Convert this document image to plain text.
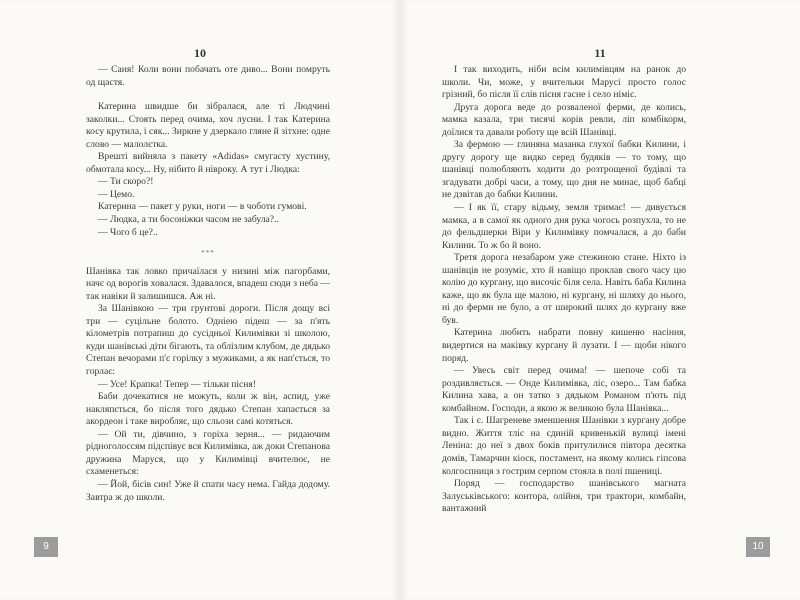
10

— Саня! Коли вони побачать оте диво... Вони помруть од щастя.

Катерина швидше би зібралася, але ті Людчині заколки... Стоять перед очима, хоч лусни. І так Катерина косу крутила, і сяк... Зиркне у дзеркало гляне й зітхне: одне слово — малолєтка.

Врешті вийняла з пакету «Adidas» смугасту хустину, обмотала косу... Ну, нібито й нівроку. А тут і Людка:

— Ти скоро?!

— Цемо.

Катерина — пакет у руки, ноги — в чоботи гумові.

— Людка, а ти босоніжки часом не забула?..

— Чого б це?..

***

Шанівка так ловко причаїлася у низині між пагорбами, начє од ворогів ховалася. Здавалося, впадеш сюди з неба — так навіки й залишишся. Аж ні.

За Шанівкою — три грунтові дороги. Після дощу всі три — суцільне болото. Одніею підеш — за п'ять кілометрів потрапиш до сусідньої Килимівки зі школою, куди шанівські діти бігають, та облізлим клубом, де дядько Степан вечорами п'є горілку з мужиками, а як нап'ється, то горлає:

— Усе! Крапка! Тепер — тільки пісня!

Баби дочекатися не можуть, коли ж він, аспид, уже накляпється, бо після того дядько Степан хапається за акордеон і таке виробляє, що сльози самі котяться.

— Ой ти, дівчино, з горіха зерня... — ридаючим рідноголоссям підспівує вся Килимівка, аж доки Степанова дружина Маруся, що у Килимівці вчителює, не схаменеться:

— Йой, бісів син! Уже й спати часу нема. Гайда додому. Завтра ж до школи.

9
11

І так виходить, ніби всім килимівцям на ранок до школи. Чи, може, у вчительки Марусі просто голос грізний, бо після її слів пісня гасне і село німіє.

Друга дорога веде до розваленої ферми, де колись, мамка казала, три тисячі корів ревли, ліп комбікорм, доїлися та давали роботу ще всій Шанівці.

За фермою — глиняна мазанка глухої бабки Килини, і другу дорогу ще видко серед будяків — то тому, що шанівці полюбляють ходити до розтрощеної будівлі та згадувати добрі часи, а тому, що дня не минає, щоб бабці не дзвітав до бабки Килини.

— І як її, стару відьму, земля тримає! — дивується мамка, а в самої як одного дня рука чогось розпухла, то не до фельдшерки Віри у Килимівку помчалася, а до баби Килини. То ж бо й воно.

Третя дорога незабаром уже стежиною стане. Ніхто із шанівців не розуміє, хто й навіщо проклав свого часу цю колію до кургану, що височіє біля села. Навіть баба Килина каже, що як була ще малою, ні кургану, ні шляху до нього, ні до ферми не було, а от широкий шлях до кургану вже був.

Катерина любить набрати повну кишеню насіння, видертися на маківку кургану й лузати. І — щоби нікого поряд.

— Увесь світ перед очима! — шепоче собі та роздивляється. — Онде Килимівка, ліс, озеро... Там бабка Килина хава, а он татко з дядьком Романом п'ють під комбайном. Господи, а якою ж великою була Шанівка...

Так і є. Шагреневе зменшення Шанівки з кургану добре видно. Життя тліє на єдиній кривенькій вулиці імені Леніна: до неї з двох боків притулилися півтора десятка домів, Тамарчин кіоск, постамент, на якому колись гіпсова колгоспниця з гострим серпом стояла в полі пшениці.

Поряд — господарство шанівського магната Залуськівського: контора, олійня, три трактори, комбайн, вантажний

10
